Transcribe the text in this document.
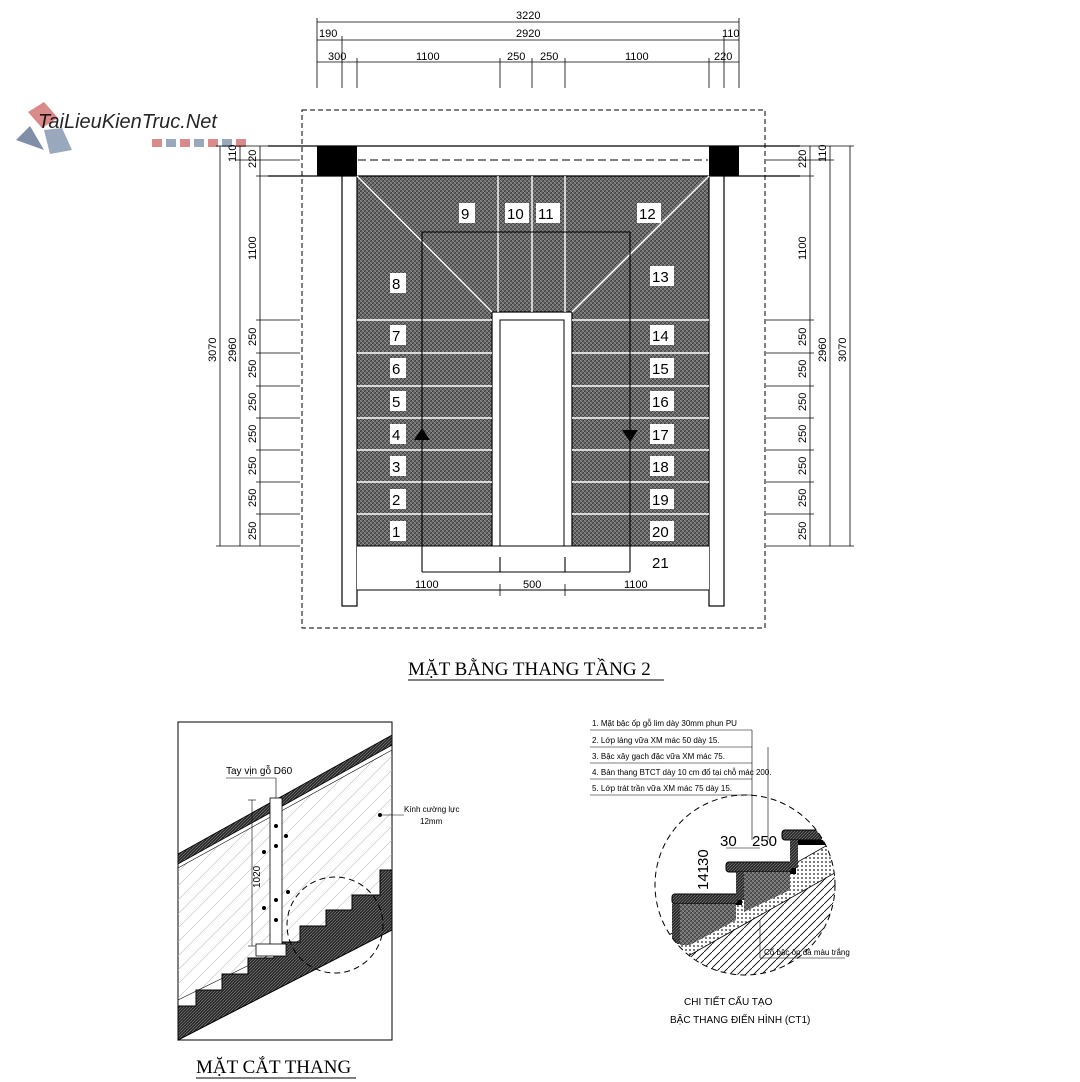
TaiLieuKienTruc.Net
1
2
3
4
5
6
7
8
9	10 11	12
13
14
15
16
17
18
19
20
21
3220
190	2920	110
300	1100	250 250	1100	220
1100	500	1100
3070 2960
110 220
1100
250
250
250
250
250
250
250
110
220
1100
2960 3070
250
250
250
250
250
250
250
MẶT BẰNG THANG TẦNG 2
Tay vịn gỗ D60
Kính cường lực
12mm
1020
MẶT CẮT THANG
1. Mặt bậc ốp gỗ lim dày 30mm phun PU
2. Lớp láng vữa XM mác 50 dày 15.
3. Bậc xây gạch đặc vữa XM mác 75.
4. Bản thang BTCT dày 10 cm đổ tại chỗ mác 200.
5. Lớp trát trần vữa XM mác 75 dày 15.
30 250
141
30
Cổ bậc ốp đá màu trắng
CHI TIẾT CẤU TẠO
BẬC THANG ĐIỂN HÌNH (CT1)
